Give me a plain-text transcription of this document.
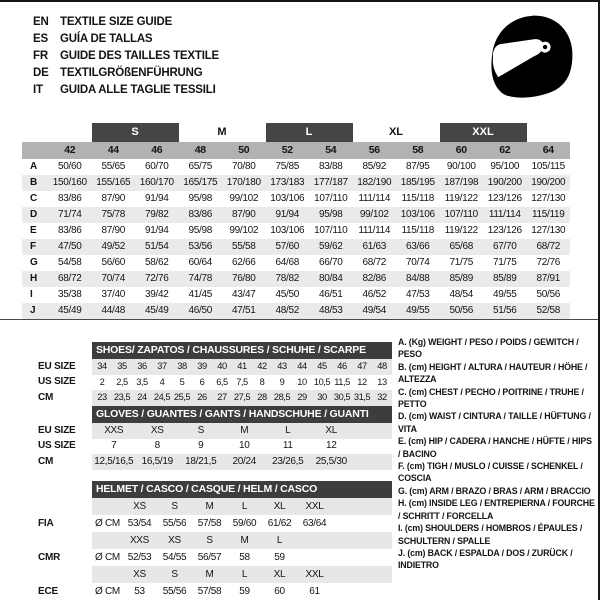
EN TEXTILE SIZE GUIDE
ES	GUÍA DE TALLAS
FR	GUIDE DES TAILLES TEXTILE
DE TEXTILGRÖßENFÜHRUNG
IT	GUIDA ALLE TAGLIE TESSILI
S	M	L	XL	XXL
42	44	46	48	50	52	54	56	58	60	62	64
A	50/60	55/65	60/70	65/75	70/80	75/85	83/88	85/92	87/95	90/100	95/100	105/115
B	150/160 155/165 160/170 165/175 170/180 173/183 177/187 182/190 185/195 187/198 190/200 190/200
C	83/86	87/90	91/94	95/98	99/102	103/106 107/110	111/114	115/118	119/122 123/126 127/130
D	71/74	75/78	79/82	83/86	87/90	91/94	95/98	99/102	103/106 107/110	111/114	115/119
E	83/86	87/90	91/94	95/98	99/102	103/106 107/110	111/114	115/118	119/122 123/126 127/130
F	47/50	49/52	51/54	53/56	55/58	57/60	59/62	61/63	63/66	65/68	67/70	68/72
G	54/58	56/60	58/62	60/64	62/66	64/68	66/70	68/72	70/74	71/75	71/75	72/76
H	68/72	70/74	72/76	74/78	76/80	78/82	80/84	82/86	84/88	85/89	85/89	87/91
I	35/38	37/40	39/42	41/45	43/47	45/50	46/51	46/52	47/53	48/54	49/55	50/56
J	45/49	44/48	45/49	46/50	47/51	48/52	48/53	49/54	49/55	50/56	51/56	52/58
SHOES/ ZAPATOS / CHAUSSURES / SCHUHE / SCARPE
EU SIZE	34	35	36	37	38	39	40	41	42	43	44	45	46	47	48
US SIZE	2	2,5 3,5	4	5	6	6,5 7,5	8	9	10 10,5 11,5 12	13
CM	23 23,5 24 24,5 25,5 26	27 27,5 28 28,5 29	30 30,5 31,5 32
GLOVES / GUANTES / GANTS / HANDSCHUHE / GUANTI
EU SIZE	XXS	XS	S	M	L	XL
US SIZE	7	8	9	10	11	12
CM	12,5/16,5 16,5/19	18/21,5	20/24	23/26,5	25,5/30
HELMET / CASCO / CASQUE / HELM / CASCO
XS	S	M	L	XL	XXL
FIA	Ø CM 53/54	55/56	57/58	59/60	61/62	63/64
XXS	XS	S	M	L
CMR	Ø CM 52/53	54/55	56/57	58	59
XS	S	M	L	XL	XXL
ECE	Ø CM	53	55/56	57/58	59	60	61
A. (Kg) WEIGHT / PESO / POIDS / GEWITCH / PESO
B. (cm) HEIGHT / ALTURA / HAUTEUR / HÖHE / ALTEZZA
C. (cm) CHEST / PECHO / POITRINE / TRUHE / PETTO
D. (cm) WAIST / CINTURA / TAILLE / HÜFTUNG / VITA
E. (cm) HIP / CADERA / HANCHE / HÜFTE / HIPS / BACINO
F. (cm) TIGH / MUSLO / CUISSE / SCHENKEL / COSCIA
G. (cm) ARM / BRAZO / BRAS / ARM / BRACCIO
H. (cm) INSIDE LEG / ENTREPIERNA / FOURCHE / SCHRITT / FORCELLA
I. (cm) SHOULDERS / HOMBROS / ÉPAULES / SCHULTERN / SPALLE
J. (cm) BACK / ESPALDA / DOS / ZURÜCK / INDIETRO
